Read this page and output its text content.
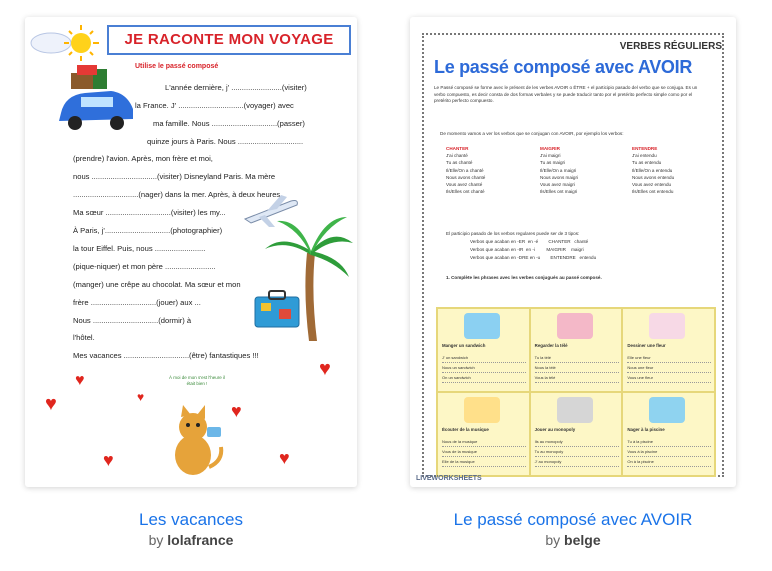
JE RACONTE MON VOYAGE
Utilise le passé composé
L'année dernière, j' ........................(visiter)
la France. J' ...............................(voyager) avec
ma famille. Nous ...............................(passer)
quinze jours à Paris. Nous ...............................
(prendre) l'avion. Après, mon frère et moi,
nous ...............................(visiter) Disneyland Paris. Ma mère
...............................(nager) dans la mer. Après, à deux heures
Ma sœur ...............................(visiter) les my...
À Paris, j'...............................(photographier)
la tour Eiffel. Puis, nous ........................
(pique-niquer) et mon père ........................
(manger) une crêpe au chocolat. Ma sœur et mon
frère ...............................(jouer) aux ...
Nous ...............................(dormir) à
l'hôtel.
Mes vacances ...............................(être) fantastiques !!!
♥
♥
♥	♥
♥
♥	♥
À moi de mon s'est l'heure il était bien !
Les vacances
by lolafrance
VERBES RÉGULIERS
Le passé composé avec AVOIR
Le Passé composé se forme avec le présent de les verbes AVOIR o ÊTRE + el participio pasado del verbo que se conjuga. Es un verbo compuesto, es decir consta de dos formas verbales y se puede traducir tanto por el pretérito perfecto simple como por el pretérito perfecto compuesto.
De momento vamos a ver los verbos que se conjugan con AVOIR, por ejemplo los verbos:
CHANTER
J'ai chanté
Tu as chanté
Il/Elle/On a chanté
Nous avons chanté
Vous avez chanté
Ils/Elles ont chanté
MAIGRIR
J'ai maigri
Tu as maigri
Il/Elle/On a maigri
Nous avons maigri
Vous avez maigri
Ils/Elles ont maigri
ENTENDRE
J'ai entendu
Tu as entendu
Il/Elle/On a entendu
Nous avons entendu
Vous avez entendu
Ils/Elles ont entendu
El participio pasado de los verbos regulares puede ser de 3 tipos:
Verbos que acaban en -ER  en -é        CHANTER   chanté
Verbos que acaban en -IR  en -i         MAIGRIR    maigri
Verbos que acaban en -DRE en -u        ENTENDRE   entendu
1. Complète les phrases avec les verbes conjugués au passé composé.
Manger un sandwich
J' un sandwich
Nous un sandwich
On un sandwich
Regarder la télé
Tu la télé
Nous la télé
Vous la télé
Dessiner une fleur
Elle une fleur
Nous une fleur
Vous une fleur
Écouter de la musique
Nous de la musique
Vous de la musique
Elle de la musique
Jouer au monopoly
Ils au monopoly
Tu au monopoly
J' au monopoly
Nager à la piscine
Tu à la piscine
Vous à la piscine
On à la piscine
LIVEWORKSHEETS
Le passé composé avec AVOIR
by belge
